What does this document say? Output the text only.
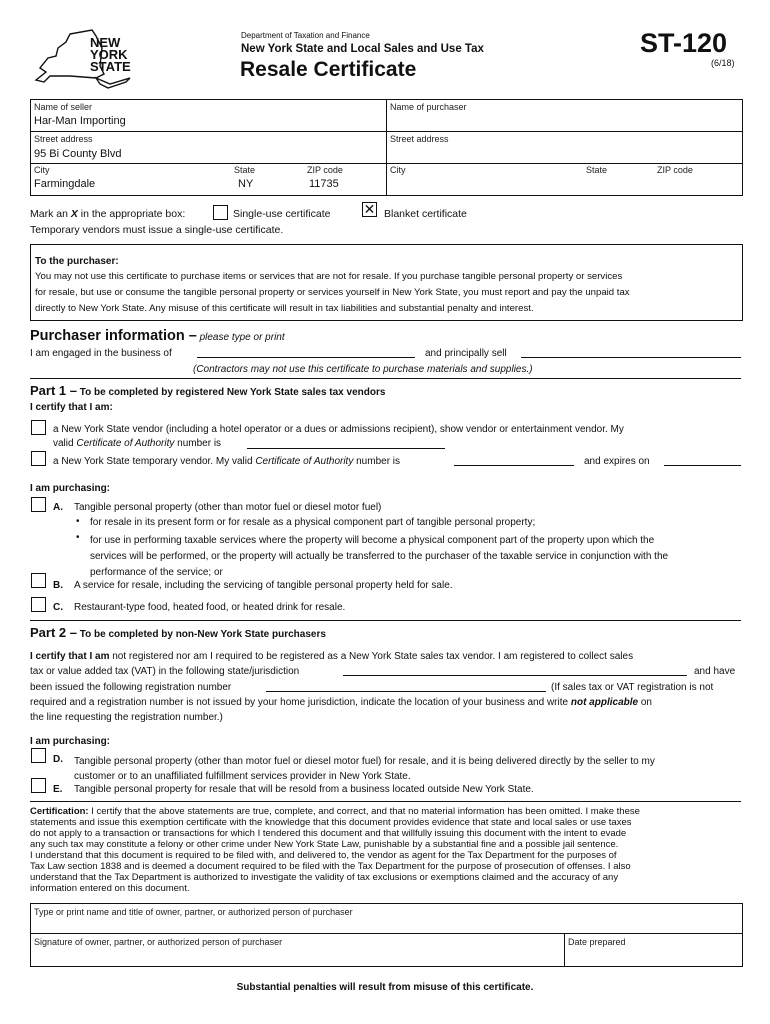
NEW
YORK
STATE
Department of Taxation and Finance
New York State and Local Sales and Use Tax
Resale Certificate
ST-120
(6/18)
Name of seller
Har-Man Importing
Street address
95 Bi County Blvd
City
Farmingdale
State
NY
ZIP code
11735
Name of purchaser
Street address
City	State	ZIP code
Mark an X in the appropriate box:	Single-use certificate ✕ Blanket certificate
Temporary vendors must issue a single-use certificate.
To the purchaser:
You may not use this certificate to purchase items or services that are not for resale. If you purchase tangible personal property or services
for resale, but use or consume the tangible personal property or services yourself in New York State, you must report and pay the unpaid tax
directly to New York State. Any misuse of this certificate will result in tax liabilities and substantial penalty and interest.
Purchaser information – please type or print
I am engaged in the business of	and principally sell
(Contractors may not use this certificate to purchase materials and supplies.)
Part 1 – To be completed by registered New York State sales tax vendors
I certify that I am:
a New York State vendor (including a hotel operator or a dues or admissions recipient), show vendor or entertainment vendor. My
valid Certificate of Authority number is
a New York State temporary vendor. My valid Certificate of Authority number is	and expires on
I am purchasing:
A. Tangible personal property (other than motor fuel or diesel motor fuel)
• for resale in its present form or for resale as a physical component part of tangible personal property;
• for use in performing taxable services where the property will become a physical component part of the property upon which the
services will be performed, or the property will actually be transferred to the purchaser of the taxable service in conjunction with the
performance of the service; or
B. A service for resale, including the servicing of tangible personal property held for sale.
C. Restaurant-type food, heated food, or heated drink for resale.
Part 2 – To be completed by non-New York State purchasers
I certify that I am not registered nor am I required to be registered as a New York State sales tax vendor. I am registered to collect sales
tax or value added tax (VAT) in the following state/jurisdiction	and have
been issued the following registration number	(If sales tax or VAT registration is not
required and a registration number is not issued by your home jurisdiction, indicate the location of your business and write not applicable on
the line requesting the registration number.)
I am purchasing:
D. Tangible personal property (other than motor fuel or diesel motor fuel) for resale, and it is being delivered directly by the seller to my
customer or to an unaffiliated fulfillment services provider in New York State.
E. Tangible personal property for resale that will be resold from a business located outside New York State.
Certification: I certify that the above statements are true, complete, and correct, and that no material information has been omitted. I make these
statements and issue this exemption certificate with the knowledge that this document provides evidence that state and local sales or use taxes
do not apply to a transaction or transactions for which I tendered this document and that willfully issuing this document with the intent to evade
any such tax may constitute a felony or other crime under New York State Law, punishable by a substantial fine and a possible jail sentence.
I understand that this document is required to be filed with, and delivered to, the vendor as agent for the Tax Department for the purposes of
Tax Law section 1838 and is deemed a document required to be filed with the Tax Department for the purpose of prosecution of offenses. I also
understand that the Tax Department is authorized to investigate the validity of tax exclusions or exemptions claimed and the accuracy of any
information entered on this document.
Type or print name and title of owner, partner, or authorized person of purchaser
Signature of owner, partner, or authorized person of purchaser	Date prepared
Substantial penalties will result from misuse of this certificate.
